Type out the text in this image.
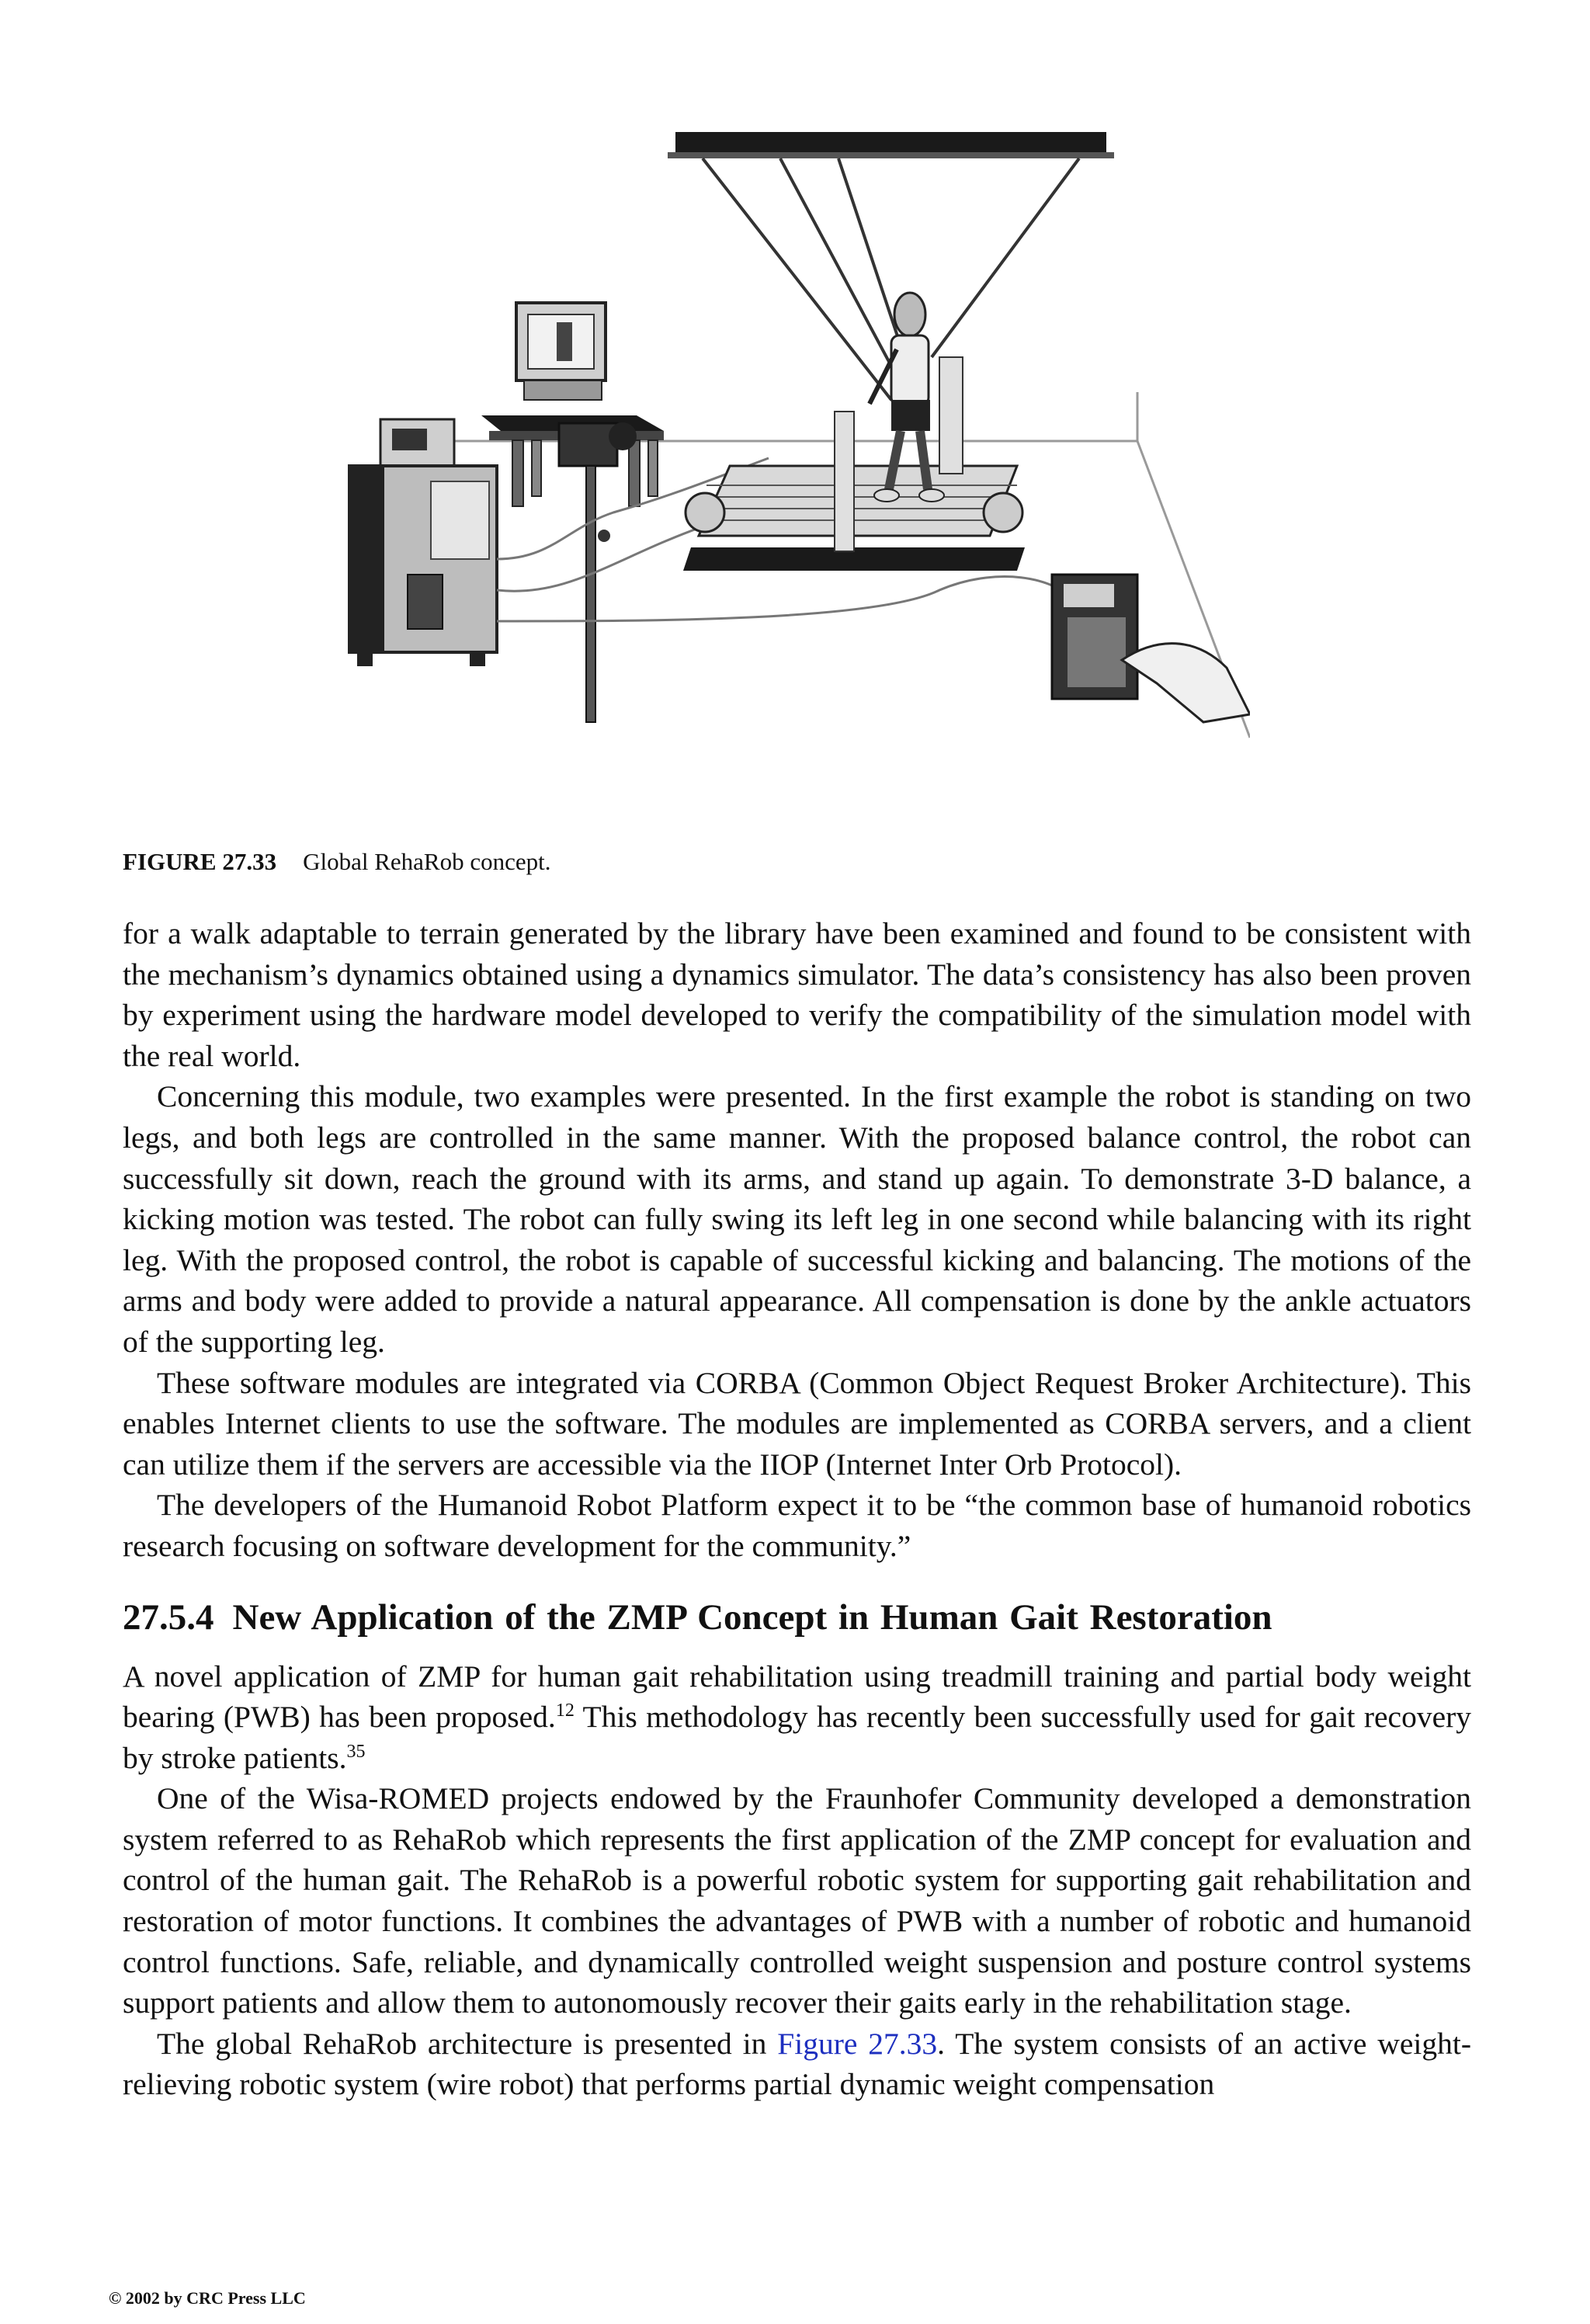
FIGURE 27.33 Global RehaRob concept.

for a walk adaptable to terrain generated by the library have been examined and found to be consistent with the mechanism’s dynamics obtained using a dynamics simulator. The data’s consistency has also been proven by experiment using the hardware model developed to verify the compatibility of the simulation model with the real world.

Concerning this module, two examples were presented. In the first example the robot is standing on two legs, and both legs are controlled in the same manner. With the proposed balance control, the robot can successfully sit down, reach the ground with its arms, and stand up again. To demonstrate 3-D balance, a kicking motion was tested. The robot can fully swing its left leg in one second while balancing with its right leg. With the proposed control, the robot is capable of successful kicking and balancing. The motions of the arms and body were added to provide a natural appearance. All compensation is done by the ankle actuators of the supporting leg.

These software modules are integrated via CORBA (Common Object Request Broker Architecture). This enables Internet clients to use the software. The modules are implemented as CORBA servers, and a client can utilize them if the servers are accessible via the IIOP (Internet Inter Orb Protocol).

The developers of the Humanoid Robot Platform expect it to be “the common base of humanoid robotics research focusing on software development for the community.”

27.5.4 New Application of the ZMP Concept in Human Gait Restoration

A novel application of ZMP for human gait rehabilitation using treadmill training and partial body weight bearing (PWB) has been proposed.$^{12}$ This methodology has recently been successfully used for gait recovery by stroke patients.$^{35}$

One of the Wisa-ROMED projects endowed by the Fraunhofer Community developed a demonstration system referred to as RehaRob which represents the first application of the ZMP concept for evaluation and control of the human gait. The RehaRob is a powerful robotic system for supporting gait rehabilitation and restoration of motor functions. It combines the advantages of PWB with a number of robotic and humanoid control functions. Safe, reliable, and dynamically controlled weight suspension and posture control systems support patients and allow them to autonomously recover their gaits early in the rehabilitation stage.

The global RehaRob architecture is presented in Figure 27.33. The system consists of an active weight-relieving robotic system (wire robot) that performs partial dynamic weight compensation

© 2002 by CRC Press LLC
